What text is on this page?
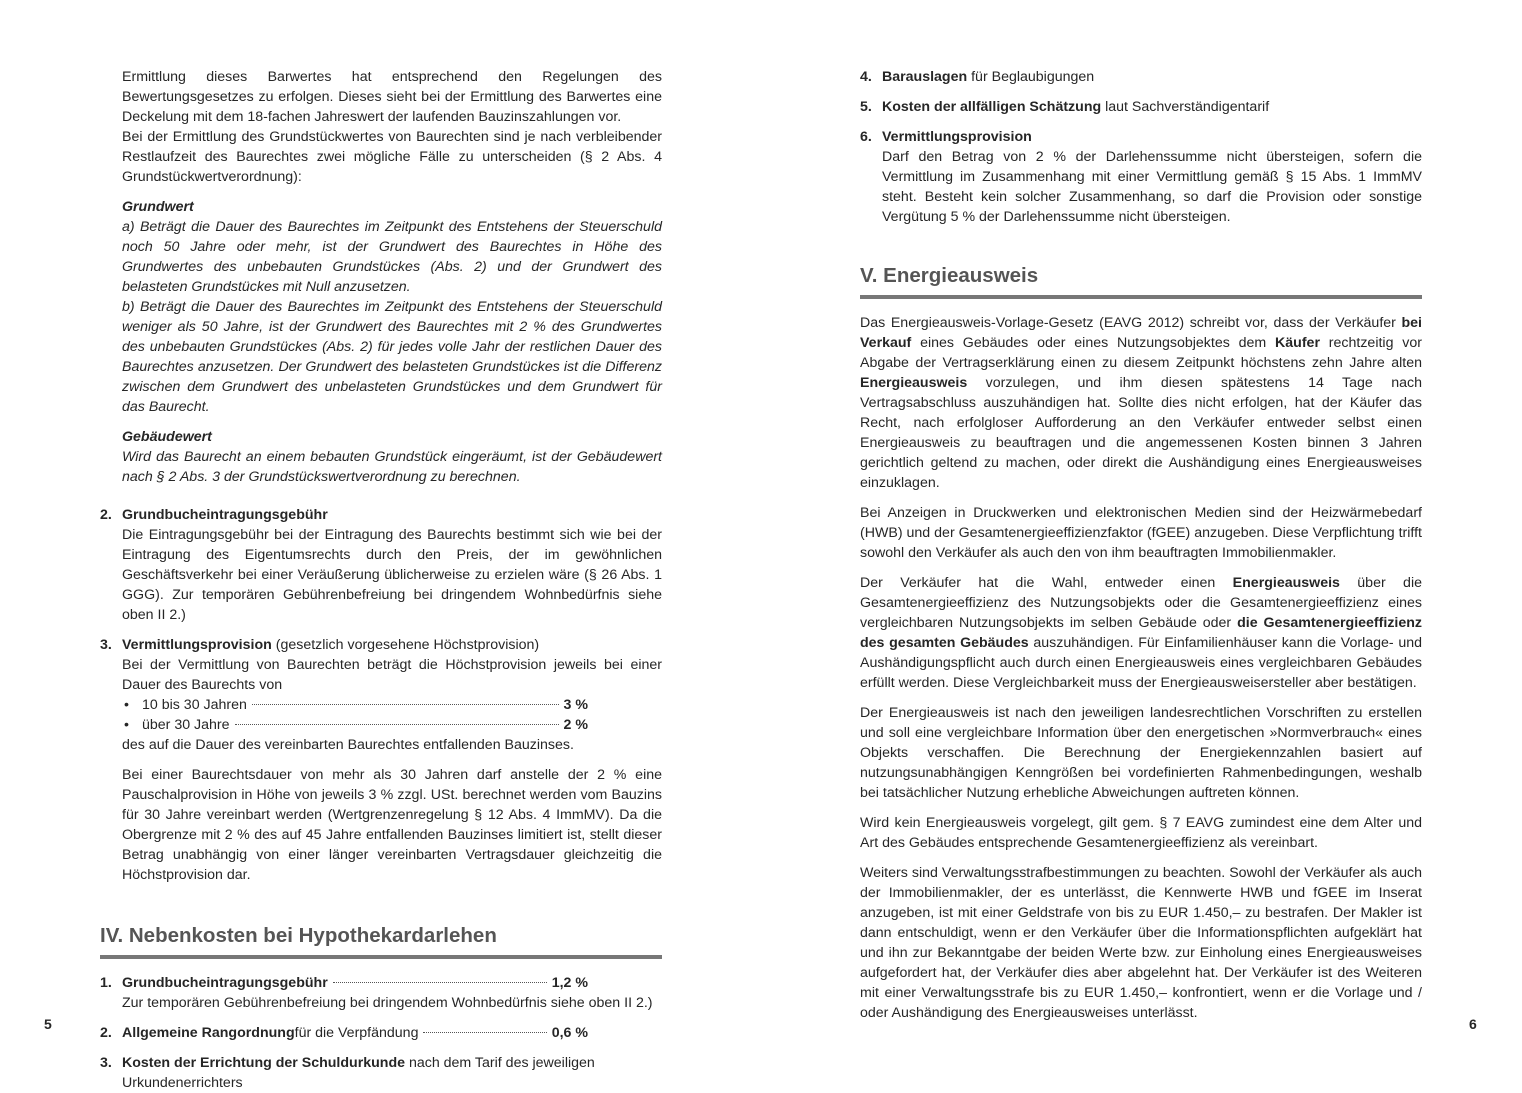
Ermittlung dieses Barwertes hat entsprechend den Regelungen des Bewertungsgesetzes zu erfolgen. Dieses sieht bei der Ermittlung des Barwertes eine Deckelung mit dem 18-fachen Jahreswert der laufenden Bauzinszahlungen vor.

Bei der Ermittlung des Grundstückwertes von Baurechten sind je nach verbleibender Restlaufzeit des Baurechtes zwei mögliche Fälle zu unterscheiden (§ 2 Abs. 4 Grundstückwertverordnung):

Grundwert

a) Beträgt die Dauer des Baurechtes im Zeitpunkt des Entstehens der Steuerschuld noch 50 Jahre oder mehr, ist der Grundwert des Baurechtes in Höhe des Grundwertes des unbebauten Grundstückes (Abs. 2) und der Grundwert des belasteten Grundstückes mit Null anzusetzen.

b) Beträgt die Dauer des Baurechtes im Zeitpunkt des Entstehens der Steuerschuld weniger als 50 Jahre, ist der Grundwert des Baurechtes mit 2 % des Grundwertes des unbebauten Grundstückes (Abs. 2) für jedes volle Jahr der restlichen Dauer des Baurechtes anzusetzen. Der Grundwert des belasteten Grundstückes ist die Differenz zwischen dem Grundwert des unbelasteten Grundstückes und dem Grundwert für das Baurecht.

Gebäudewert

Wird das Baurecht an einem bebauten Grundstück eingeräumt, ist der Gebäudewert nach § 2 Abs. 3 der Grundstückswertverordnung zu berechnen.

2. Grundbucheintragungsgebühr

Die Eintragungsgebühr bei der Eintragung des Baurechts bestimmt sich wie bei der Eintragung des Eigentumsrechts durch den Preis, der im gewöhnlichen Geschäftsverkehr bei einer Veräußerung üblicherweise zu erzielen wäre (§ 26 Abs. 1 GGG). Zur temporären Gebührenbefreiung bei dringendem Wohnbedürfnis siehe oben II 2.)

3. Vermittlungsprovision (gesetzlich vorgesehene Höchstprovision)

Bei der Vermittlung von Baurechten beträgt die Höchstprovision jeweils bei einer Dauer des Baurechts von

• 10 bis 30 Jahren	3 %
• über 30 Jahre	2 %

des auf die Dauer des vereinbarten Baurechtes entfallenden Bauzinses.

Bei einer Baurechtsdauer von mehr als 30 Jahren darf anstelle der 2 % eine Pauschalprovision in Höhe von jeweils 3 % zzgl. USt. berechnet werden vom Bauzins für 30 Jahre vereinbart werden (Wertgrenzenregelung § 12 Abs. 4 ImmMV). Da die Obergrenze mit 2 % des auf 45 Jahre entfallenden Bauzinses limitiert ist, stellt dieser Betrag unabhängig von einer länger vereinbarten Vertragsdauer gleichzeitig die Höchstprovision dar.

IV. Nebenkosten bei Hypothekardarlehen
1. Grundbucheintragungsgebühr	1,2 %

Zur temporären Gebührenbefreiung bei dringendem Wohnbedürfnis siehe oben II 2.)

2. Allgemeine Rangordnung für die Verpfändung	0,6 %
3. Kosten der Errichtung der Schuldurkunde nach dem Tarif des jeweiligen Urkundenerrichters

5
4. Barauslagen für Beglaubigungen

5. Kosten der allfälligen Schätzung laut Sachverständigentarif

6. Vermittlungsprovision

Darf den Betrag von 2 % der Darlehenssumme nicht übersteigen, sofern die Vermittlung im Zusammenhang mit einer Vermittlung gemäß § 15 Abs. 1 ImmMV steht. Besteht kein solcher Zusammenhang, so darf die Provision oder sonstige Vergütung 5 % der Darlehenssumme nicht übersteigen.

V. Energieausweis

Das Energieausweis-Vorlage-Gesetz (EAVG 2012) schreibt vor, dass der Verkäufer bei Verkauf eines Gebäudes oder eines Nutzungsobjektes dem Käufer rechtzeitig vor Abgabe der Vertragserklärung einen zu diesem Zeitpunkt höchstens zehn Jahre alten Energieausweis vorzulegen, und ihm diesen spätestens 14 Tage nach Vertragsabschluss auszuhändigen hat. Sollte dies nicht erfolgen, hat der Käufer das Recht, nach erfolgloser Aufforderung an den Verkäufer entweder selbst einen Energieausweis zu beauftragen und die angemessenen Kosten binnen 3 Jahren gerichtlich geltend zu machen, oder direkt die Aushändigung eines Energieausweises einzuklagen.

Bei Anzeigen in Druckwerken und elektronischen Medien sind der Heizwärmebedarf (HWB) und der Gesamtenergieeffizienzfaktor (fGEE) anzugeben. Diese Verpflichtung trifft sowohl den Verkäufer als auch den von ihm beauftragten Immobilienmakler.

Der Verkäufer hat die Wahl, entweder einen Energieausweis über die Gesamtenergieeffizienz des Nutzungsobjekts oder die Gesamtenergieeffizienz eines vergleichbaren Nutzungsobjekts im selben Gebäude oder die Gesamtenergieeffizienz des gesamten Gebäudes auszuhändigen. Für Einfamilienhäuser kann die Vorlage- und Aushändigungspflicht auch durch einen Energieausweis eines vergleichbaren Gebäudes erfüllt werden. Diese Vergleichbarkeit muss der Energieausweisersteller aber bestätigen.

Der Energieausweis ist nach den jeweiligen landesrechtlichen Vorschriften zu erstellen und soll eine vergleichbare Information über den energetischen »Normverbrauch« eines Objekts verschaffen. Die Berechnung der Energiekennzahlen basiert auf nutzungsunabhängigen Kenngrößen bei vordefinierten Rahmenbedingungen, weshalb bei tatsächlicher Nutzung erhebliche Abweichungen auftreten können.

Wird kein Energieausweis vorgelegt, gilt gem. § 7 EAVG zumindest eine dem Alter und Art des Gebäudes entsprechende Gesamtenergieeffizienz als vereinbart.

Weiters sind Verwaltungsstrafbestimmungen zu beachten. Sowohl der Verkäufer als auch der Immobilienmakler, der es unterlässt, die Kennwerte HWB und fGEE im Inserat anzugeben, ist mit einer Geldstrafe von bis zu EUR 1.450,– zu bestrafen. Der Makler ist dann entschuldigt, wenn er den Verkäufer über die Informationspflichten aufgeklärt hat und ihn zur Bekanntgabe der beiden Werte bzw. zur Einholung eines Energieausweises aufgefordert hat, der Verkäufer dies aber abgelehnt hat. Der Verkäufer ist des Weiteren mit einer Verwaltungsstrafe bis zu EUR 1.450,– konfrontiert, wenn er die Vorlage und / oder Aushändigung des Energieausweises unterlässt.

6
